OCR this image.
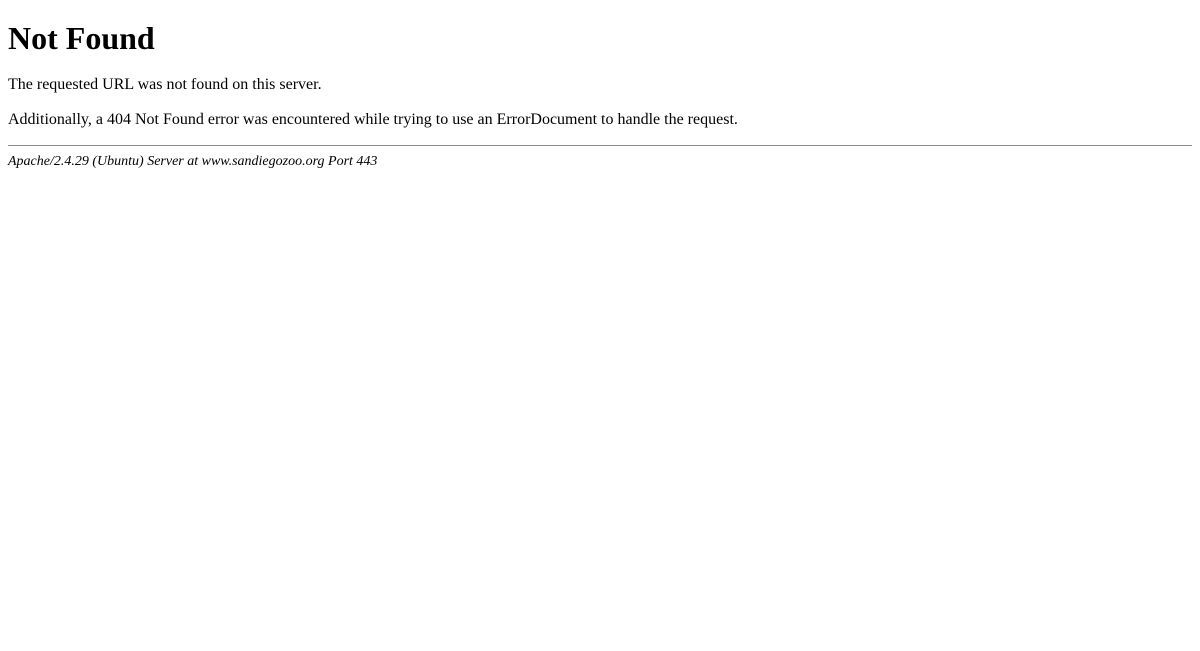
Not Found

The requested URL was not found on this server.

Additionally, a 404 Not Found error was encountered while trying to use an ErrorDocument to handle the request.

Apache/2.4.29 (Ubuntu) Server at www.sandiegozoo.org Port 443
